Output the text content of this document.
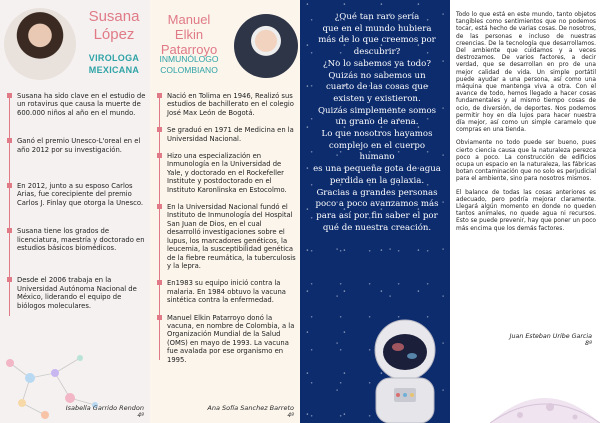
Susana
López
VIROLOGA
MEXICANA
Susana ha sido clave en el estudio de un rotavirus que causa la muerte de 600.000 niños al año en el mundo.
Ganó el premio Unesco-L'oreal en el año 2012 por su investigación.
En 2012, junto a su esposo Carlos Arias, fue corecipiente del premio Carlos J. Finlay que otorga la Unesco.
Susana tiene los grados de licenciatura, maestría y doctorado en estudios básicos biomédicos.
Desde el 2006 trabaja en la Universidad Autónoma Nacional de México, liderando el equipo de biólogos moleculares.
Isabella Garrido Rendon
4º
Manuel Elkin
Patarroyo
INMUNÓLOGO
COLOMBIANO
Nació en Tolima en 1946, Realizó sus estudios de bachillerato en el colegio José Max León de Bogotá.
Se graduó en 1971 de Medicina en la Universidad Nacional.
Hizo una especialización en Inmunología en la Universidad de Yale, y doctorado en el Rockefeller Institute y postdoctorado en el Instituto Karonlinska en Estocolmo.
En la Universidad Nacional fundó el Instituto de Inmunología del Hospital San Juan de Dios, en el cual desarrolló investigaciones sobre el lupus, los marcadores genéticos, la leucemia, la susceptibilidad genética de la fiebre reumática, la tuberculosis y la lepra.
En1983 su equipo inició contra la malaria. En 1984 obtuvo la vacuna sintética contra la enfermedad.
Manuel Elkin Patarroyo donó la vacuna, en nombre de Colombia, a la Organización Mundial de la Salud (OMS) en mayo de 1993. La vacuna fue avalada por ese organismo en 1995.
Ana Sofía Sanchez Barreto
4º

¿Qué tan raro sería

que en el mundo hubiera

más de lo que creemos por

descubrir?

¿No lo sabemos ya todo?

Quizás no sabemos un

cuarto de las cosas que

existen y existieron.

Quizás simplemente somos

un grano de arena.

Lo que nosotros hayamos

complejo en el cuerpo

humano

es una pequeña gota de agua

perdida en la galaxia.

Gracias a grandes personas

poco a poco avanzamos más

para así por fin saber el por

qué de nuestra creación.

Todo lo que está en este mundo, tanto objetos tangibles como sentimientos que no podemos tocar, está hecho de varias cosas. De nosotros, de las personas e incluso de nuestras creencias. De la tecnología que desarrollamos. Del ambiente que cuidamos y a veces destrozamos. De varios factores, a decir verdad, que se desarrollan en pro de una mejor calidad de vida. Un simple portátil puede ayudar a una persona, así como una máquina que mantenga viva a otra. Con el avance de todo, hemos llegado a hacer cosas fundamentales y al mismo tiempo cosas de ocio, de diversión, de deportes. Nos podemos permitir hoy en día lujos para hacer nuestra día mejor, así como un simple caramelo que compras en una tienda.

Obviamente no todo puede ser bueno, pues cierto ciencia causa que la naturaleza perezca poco a poco. La construcción de edificios ocupa un espacio en la naturaleza, las fábricas botan contaminación que no solo es perjudicial para el ambiente, sino para nosotros mismos.

El balance de todas las cosas anteriores es adecuado, pero podría mejorar claramente. Llegará algún momento en donde no queden tantos animales, no quede agua ni recursos. Esto se puede prevenir, hay que poner un poco más encima que los demás factores.

Juan Esteban Uribe Garcia
8º
